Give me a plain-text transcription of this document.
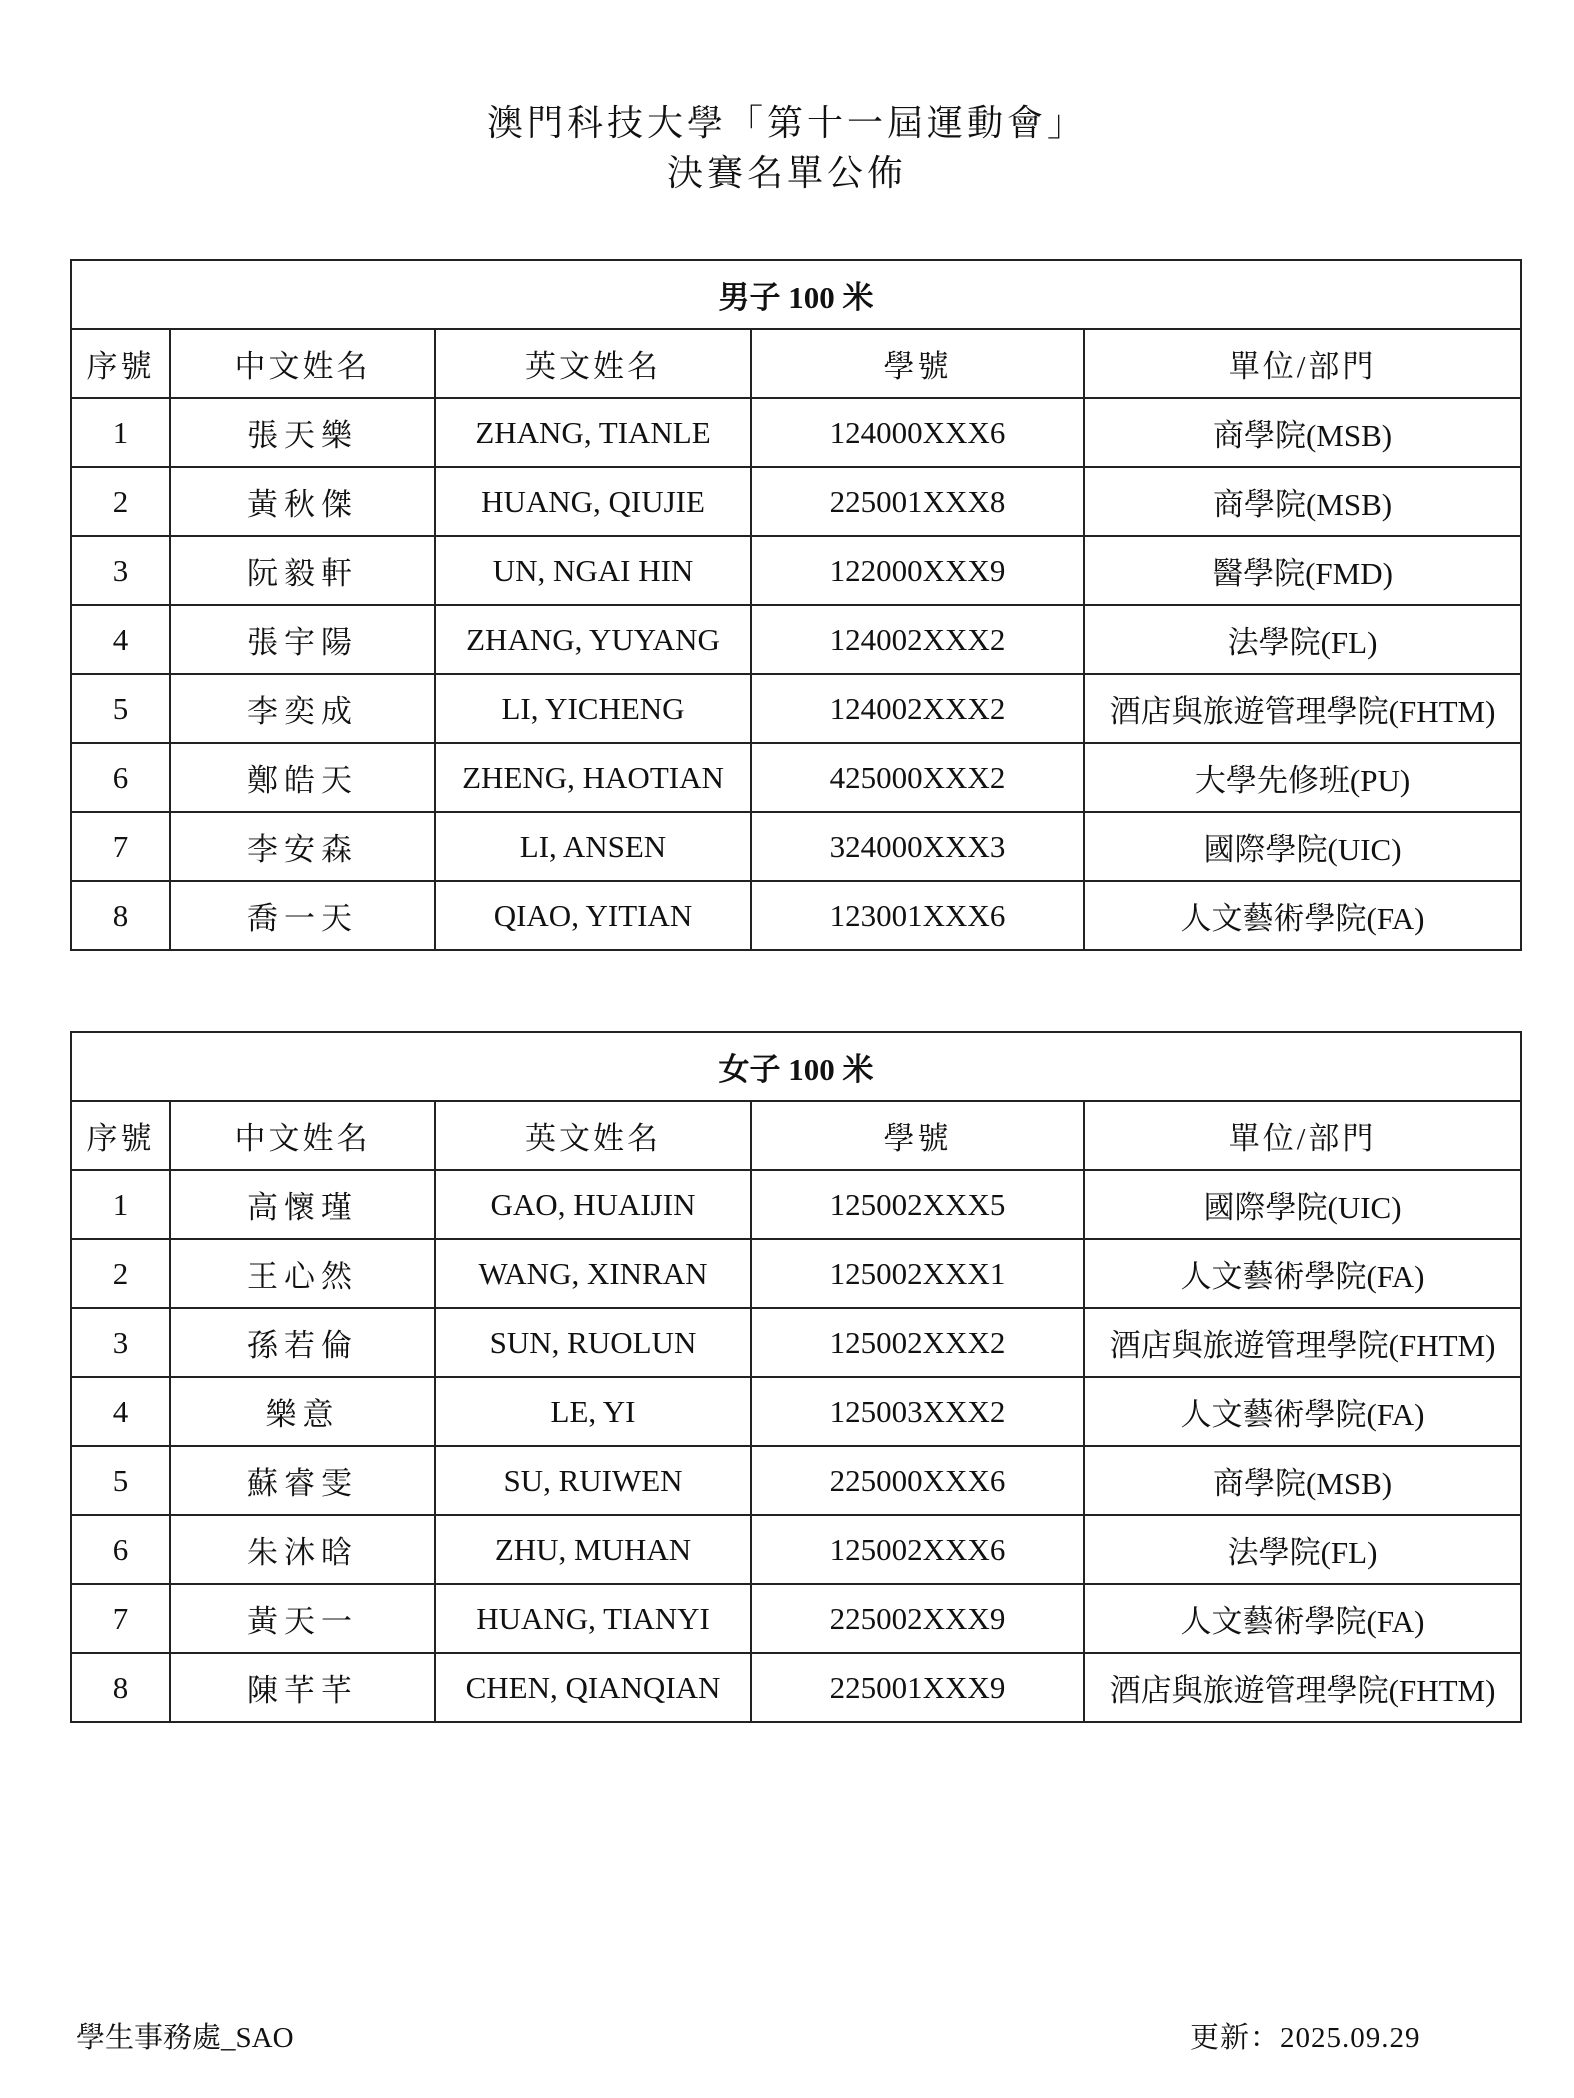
澳門科技大學「第十一屆運動會」
決賽名單公佈
男子 100 米				
序號	中文姓名	英文姓名	學號	單位/部門
1	張天樂	ZHANG, TIANLE	124000XXX6	商學院(MSB)
2	黃秋傑	HUANG, QIUJIE	225001XXX8	商學院(MSB)
3	阮毅軒	UN, NGAI HIN	122000XXX9	醫學院(FMD)
4	張宇陽	ZHANG, YUYANG	124002XXX2	法學院(FL)
5	李奕成	LI, YICHENG	124002XXX2	酒店與旅遊管理學院(FHTM)
6	鄭皓天	ZHENG, HAOTIAN	425000XXX2	大學先修班(PU)
7	李安森	LI, ANSEN	324000XXX3	國際學院(UIC)
8	喬一天	QIAO, YITIAN	123001XXX6	人文藝術學院(FA)
女子 100 米				
序號	中文姓名	英文姓名	學號	單位/部門
1	高懷瑾	GAO, HUAIJIN	125002XXX5	國際學院(UIC)
2	王心然	WANG, XINRAN	125002XXX1	人文藝術學院(FA)
3	孫若倫	SUN, RUOLUN	125002XXX2	酒店與旅遊管理學院(FHTM)
4	樂意	LE, YI	125003XXX2	人文藝術學院(FA)
5	蘇睿雯	SU, RUIWEN	225000XXX6	商學院(MSB)
6	朱沐晗	ZHU, MUHAN	125002XXX6	法學院(FL)
7	黃天一	HUANG, TIANYI	225002XXX9	人文藝術學院(FA)
8	陳芊芊	CHEN, QIANQIAN	225001XXX9	酒店與旅遊管理學院(FHTM)
學生事務處_SAO	更新：2025.09.29
